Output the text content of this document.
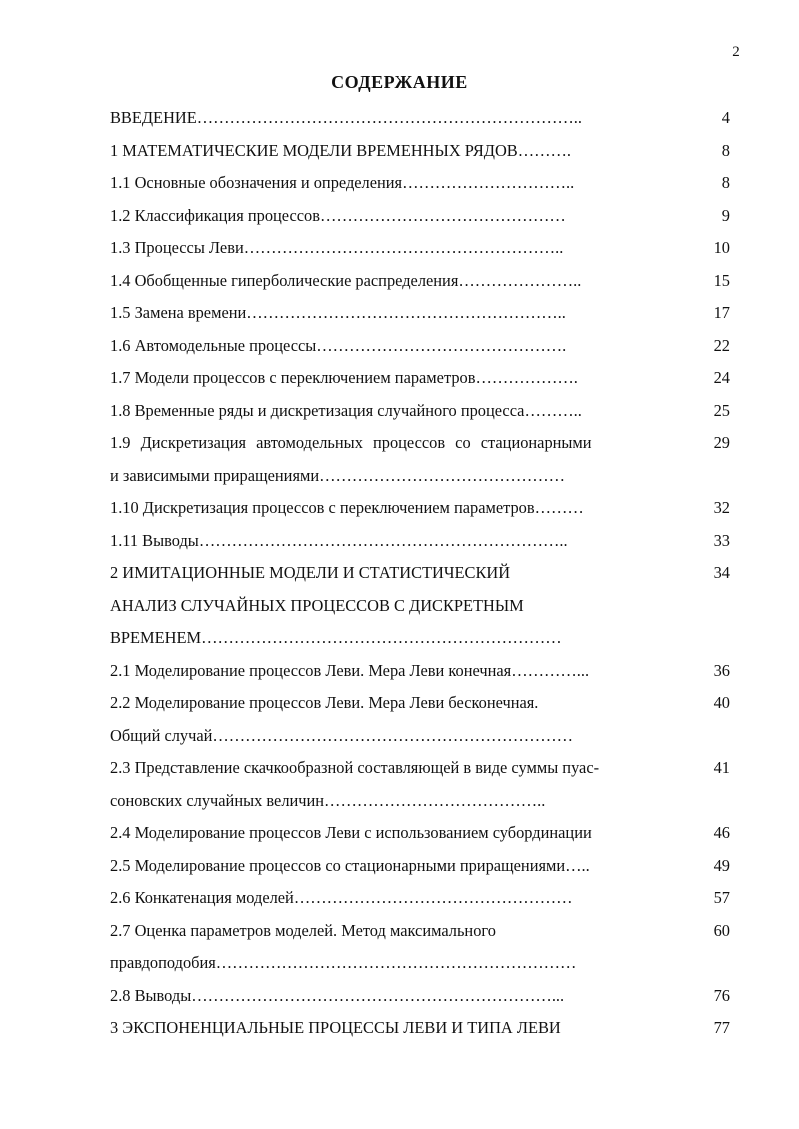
2
СОДЕРЖАНИЕ
ВВЕДЕНИЕ……………………………………………………………..	4
1 МАТЕМАТИЧЕСКИЕ МОДЕЛИ ВРЕМЕННЫХ РЯДОВ……….	8
1.1 Основные обозначения и определения…………………………..	8
1.2 Классификация процессов………………………………………	9
1.3 Процессы Леви…………………………………………………..	10
1.4 Обобщенные гиперболические распределения…………………..	15
1.5 Замена времени…………………………………………………..	17
1.6 Автомодельные процессы……………………………………….	22
1.7 Модели процессов с переключением параметров……………….	24
1.8 Временные ряды и дискретизация случайного процесса………..	25
1.9 Дискретизация автомодельных процессов со стационарными	29
и зависимыми приращениями………………………………………
1.10 Дискретизация процессов с переключением параметров………	32
1.11 Выводы…………………………………………………………..	33
2 ИМИТАЦИОННЫЕ МОДЕЛИ И СТАТИСТИЧЕСКИЙ	34
АНАЛИЗ СЛУЧАЙНЫХ ПРОЦЕССОВ С ДИСКРЕТНЫМ
ВРЕМЕНЕМ…………………………………………………………
2.1 Моделирование процессов Леви. Мера Леви конечная…………...	36
2.2 Моделирование процессов Леви. Мера Леви бесконечная.	40
Общий случай…………………………………………………………
2.3 Представление скачкообразной составляющей в виде суммы пуас-	41
соновских случайных величин…………………………………..
2.4 Моделирование процессов Леви с использованием субординации	46
2.5 Моделирование процессов со стационарными приращениями…..	49
2.6 Конкатенация моделей……………………………………………	57
2.7 Оценка параметров моделей. Метод максимального	60
правдоподобия…………………………………………………………
2.8 Выводы…………………………………………………………...	76
3 ЭКСПОНЕНЦИАЛЬНЫЕ ПРОЦЕССЫ ЛЕВИ И ТИПА ЛЕВИ	77
